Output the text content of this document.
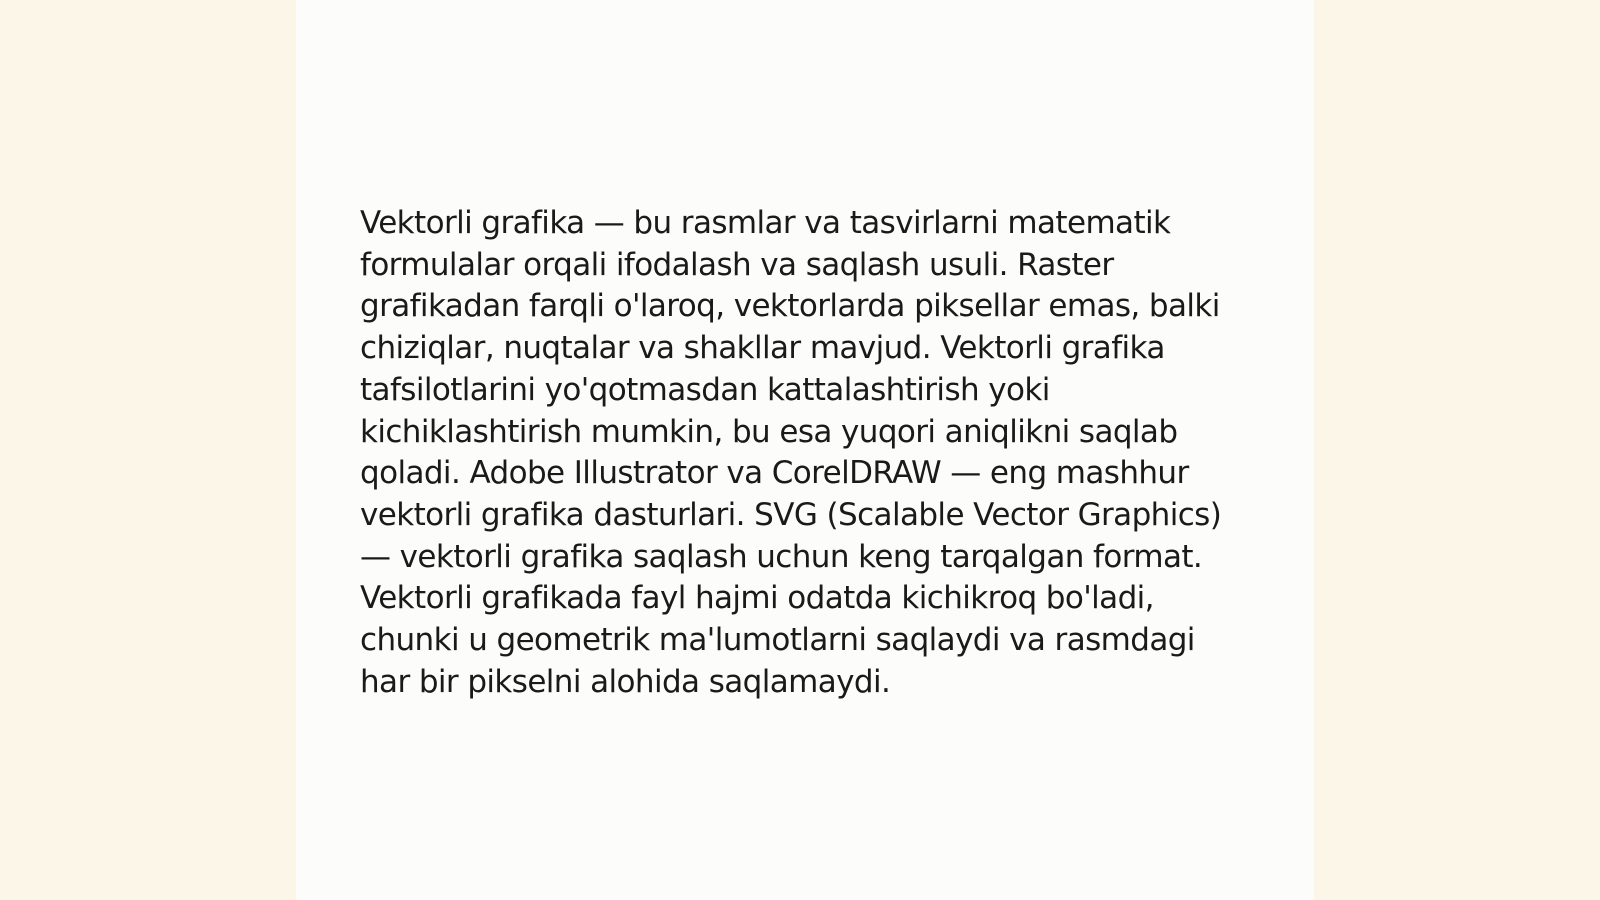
Vektorli grafika — bu rasmlar va tasvirlarni matematik formulalar orqali ifodalash va saqlash usuli. Raster grafikadan farqli o'laroq, vektorlarda piksellar emas, balki chiziqlar, nuqtalar va shakllar mavjud. Vektorli grafika tafsilotlarini yo'qotmasdan kattalashtirish yoki kichiklashtirish mumkin, bu esa yuqori aniqlikni saqlab qoladi. Adobe Illustrator va CorelDRAW — eng mashhur vektorli grafika dasturlari. SVG (Scalable Vector Graphics) — vektorli grafika saqlash uchun keng tarqalgan format. Vektorli grafikada fayl hajmi odatda kichikroq bo'ladi, chunki u geometrik ma'lumotlarni saqlaydi va rasmdagi har bir pikselni alohida saqlamaydi.
